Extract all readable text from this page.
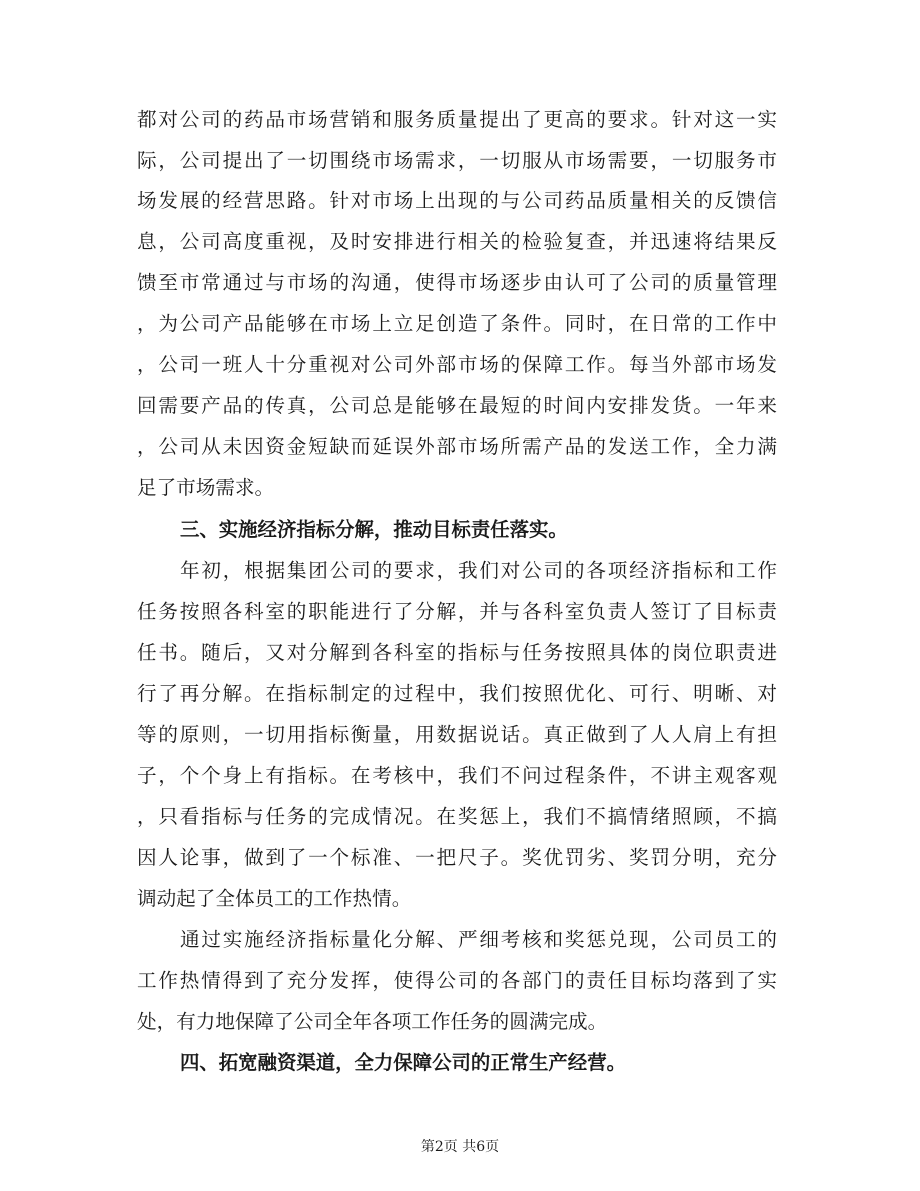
都对公司的药品市场营销和服务质量提出了更高的要求。针对这一实
际，公司提出了一切围绕市场需求，一切服从市场需要，一切服务市
场发展的经营思路。针对市场上出现的与公司药品质量相关的反馈信
息，公司高度重视，及时安排进行相关的检验复查，并迅速将结果反
馈至市常通过与市场的沟通，使得市场逐步由认可了公司的质量管理
，为公司产品能够在市场上立足创造了条件。同时，在日常的工作中
，公司一班人十分重视对公司外部市场的保障工作。每当外部市场发
回需要产品的传真，公司总是能够在最短的时间内安排发货。一年来
，公司从未因资金短缺而延误外部市场所需产品的发送工作，全力满
足了市场需求。
三、实施经济指标分解，推动目标责任落实。
年初，根据集团公司的要求，我们对公司的各项经济指标和工作
任务按照各科室的职能进行了分解，并与各科室负责人签订了目标责
任书。随后，又对分解到各科室的指标与任务按照具体的岗位职责进
行了再分解。在指标制定的过程中，我们按照优化、可行、明晰、对
等的原则，一切用指标衡量，用数据说话。真正做到了人人肩上有担
子，个个身上有指标。在考核中，我们不问过程条件，不讲主观客观
，只看指标与任务的完成情况。在奖惩上，我们不搞情绪照顾，不搞
因人论事，做到了一个标准、一把尺子。奖优罚劣、奖罚分明，充分
调动起了全体员工的工作热情。
通过实施经济指标量化分解、严细考核和奖惩兑现，公司员工的
工作热情得到了充分发挥，使得公司的各部门的责任目标均落到了实
处，有力地保障了公司全年各项工作任务的圆满完成。
四、拓宽融资渠道，全力保障公司的正常生产经营。
第2页 共6页
